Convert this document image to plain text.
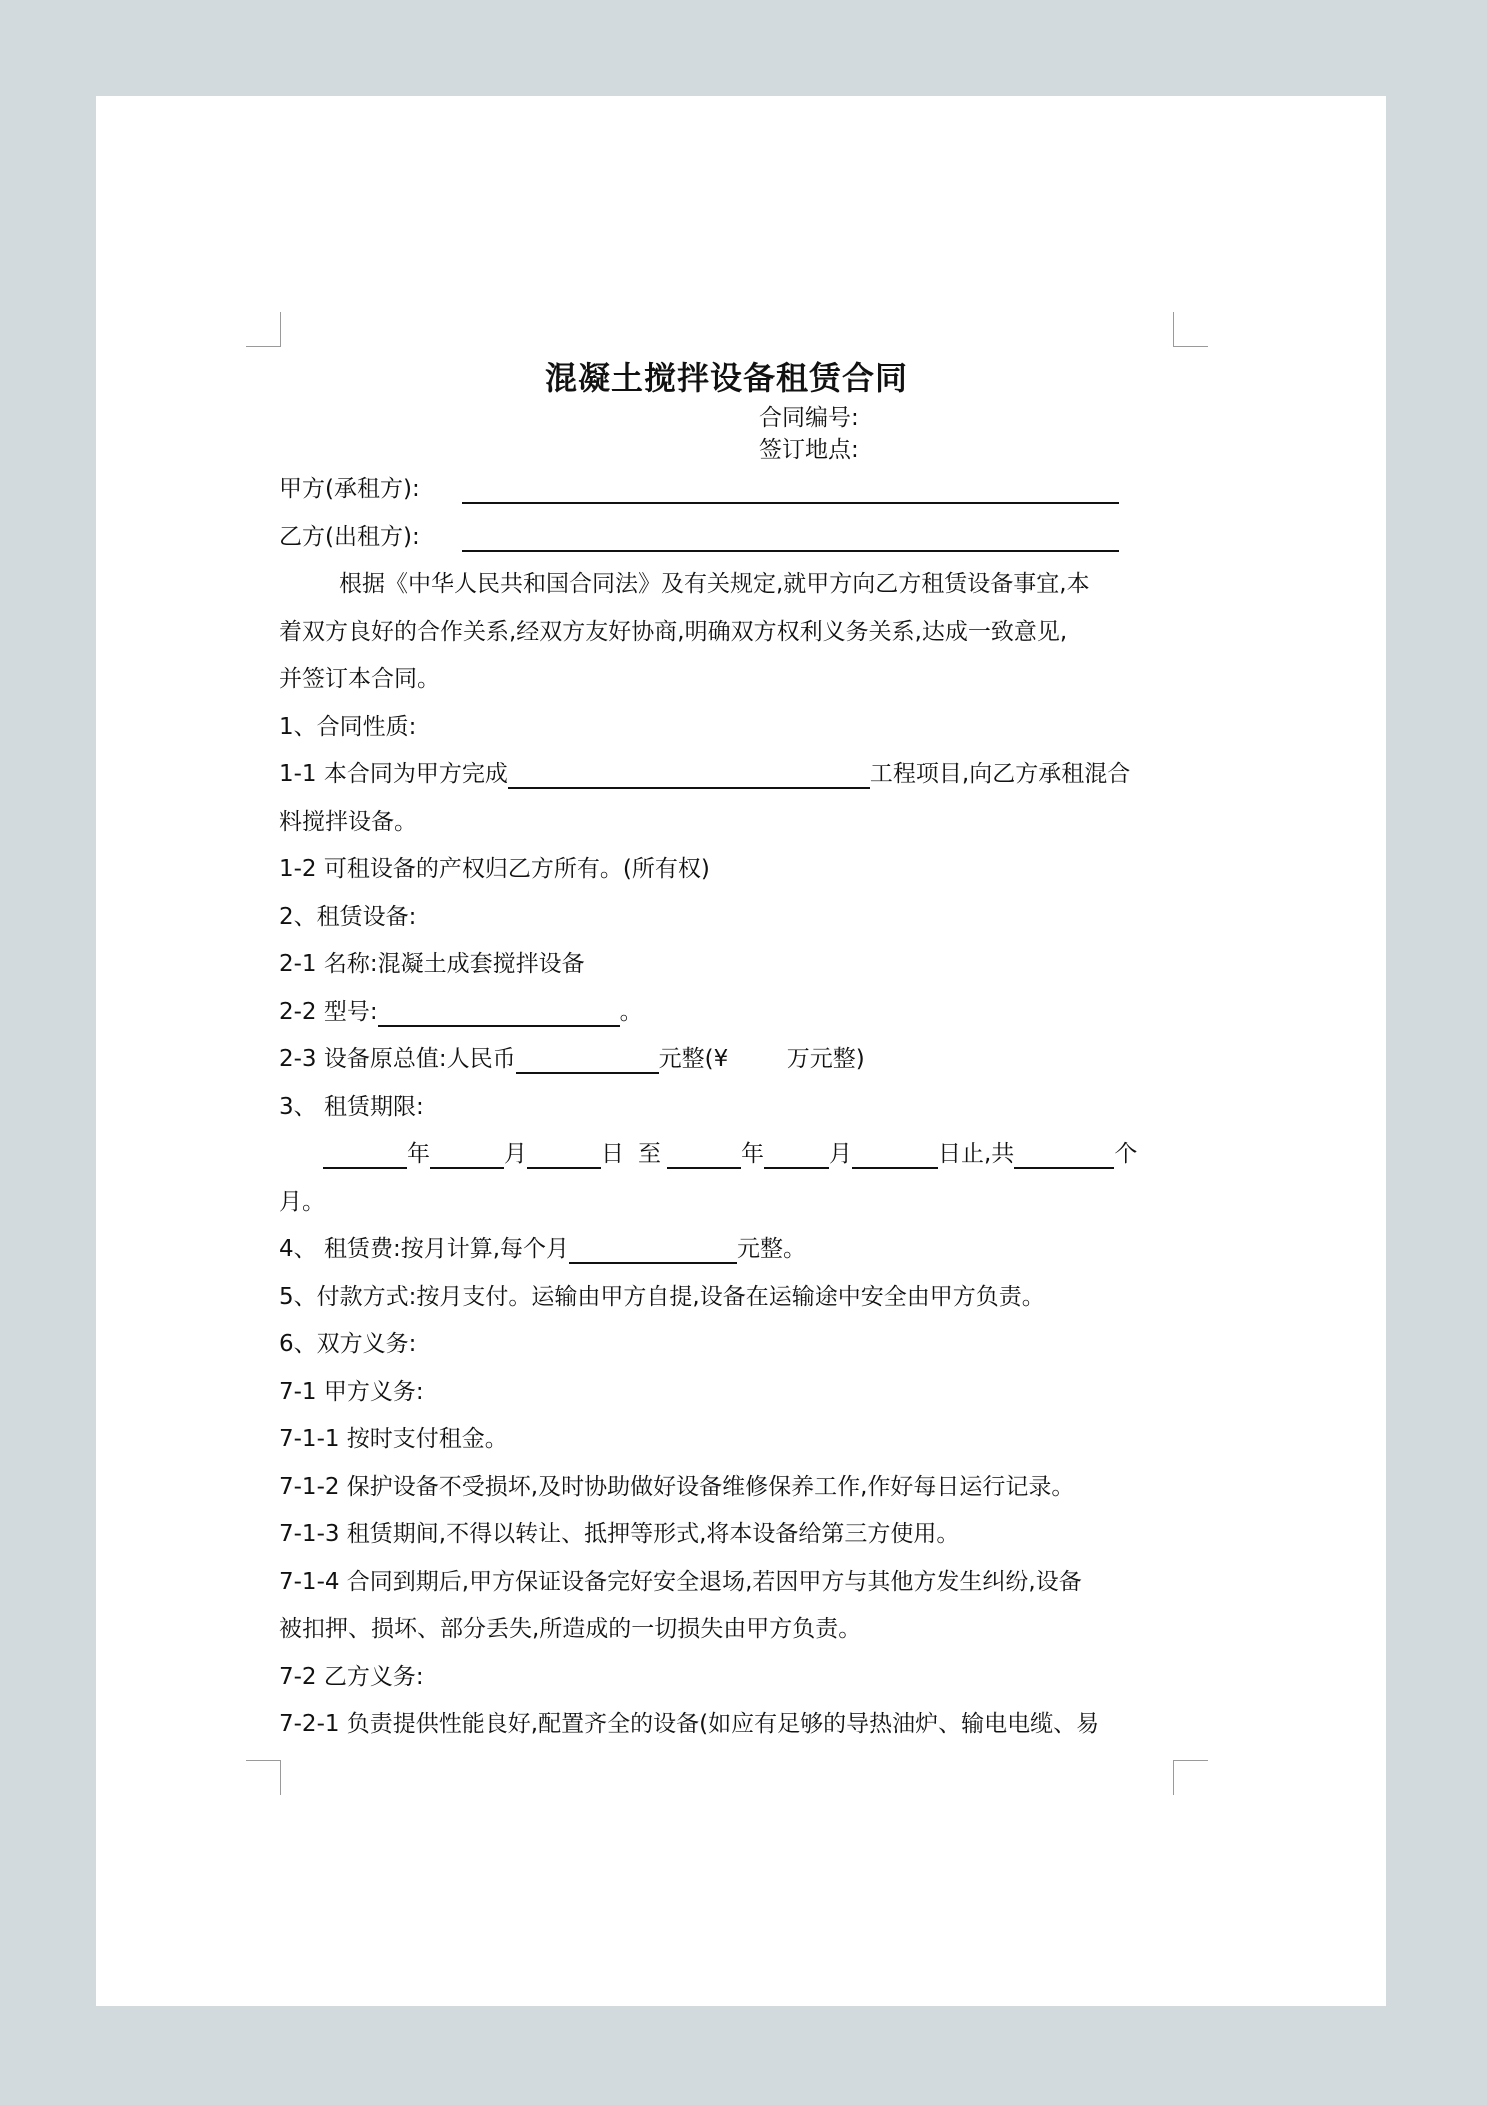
混凝土搅拌设备租赁合同
合同编号:
签订地点:
甲方(承租方):
乙方(出租方):
根据《中华人民共和国合同法》及有关规定,就甲方向乙方租赁设备事宜,本
着双方良好的合作关系,经双方友好协商,明确双方权利义务关系,达成一致意见,
并签订本合同。
1、合同性质:
1-1 本合同为甲方完成	工程项目,向乙方承租混合
料搅拌设备。
1-2 可租设备的产权归乙方所有。(所有权)
2、租赁设备:
2-1 名称:混凝土成套搅拌设备
2-2 型号:	。
2-3 设备原总值:人民币	元整(¥        万元整)
3、 租赁期限:
年	月	日 至	年	月	日止,共	个
月。
4、 租赁费:按月计算,每个月	元整。
5、付款方式:按月支付。运输由甲方自提,设备在运输途中安全由甲方负责。
6、双方义务:
7-1 甲方义务:
7-1-1 按时支付租金。
7-1-2 保护设备不受损坏,及时协助做好设备维修保养工作,作好每日运行记录。
7-1-3 租赁期间,不得以转让、抵押等形式,将本设备给第三方使用。
7-1-4 合同到期后,甲方保证设备完好安全退场,若因甲方与其他方发生纠纷,设备
被扣押、损坏、部分丢失,所造成的一切损失由甲方负责。
7-2 乙方义务:
7-2-1 负责提供性能良好,配置齐全的设备(如应有足够的导热油炉、输电电缆、易
